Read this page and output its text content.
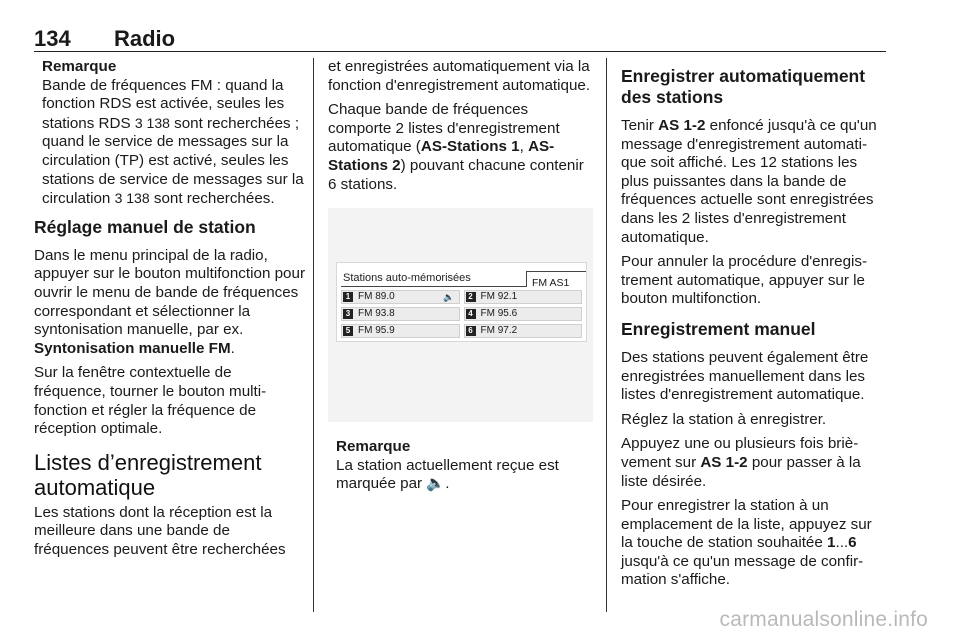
134 Radio
Remarque
Bande de fréquences FM : quand la fonction RDS est activée, seules les stations RDS 3 138 sont recherchées ; quand le service de messages sur la circulation (TP) est activé, seules les stations de service de messages sur la circulation 3 138 sont recherchées.
Réglage manuel de station
Dans le menu principal de la radio, appuyer sur le bouton multifonction pour ouvrir le menu de bande de fréquences correspondant et sélectionner la syntonisation manuelle, par ex. Syntonisation manuelle FM.
Sur la fenêtre contextuelle de fréquence, tourner le bouton multifonction et régler la fréquence de réception optimale.
Listes d’enregistrement automatique
Les stations dont la réception est la meilleure dans une bande de fréquences peuvent être recherchées
et enregistrées automatiquement via la fonction d'enregistrement automatique.
Chaque bande de fréquences comporte 2 listes d'enregistrement automatique (AS-Stations 1, AS-Stations 2) pouvant chacune contenir 6 stations.
Stations auto-mémorisées	FM AS1
1 FM 89.0	🔈	2 FM 92.1
3 FM 93.8	4 FM 95.6
5 FM 95.9	6 FM 97.2
Remarque
La station actuellement reçue est marquée par 🔈.
Enregistrer automatiquement des stations
Tenir AS 1-2 enfoncé jusqu'à ce qu'un message d'enregistrement automatique soit affiché. Les 12 stations les plus puissantes dans la bande de fréquences actuelle sont enregistrées dans les 2 listes d'enregistrement automatique.
Pour annuler la procédure d'enregistrement automatique, appuyer sur le bouton multifonction.
Enregistrement manuel
Des stations peuvent également être enregistrées manuellement dans les listes d'enregistrement automatique.
Réglez la station à enregistrer.
Appuyez une ou plusieurs fois brièvement sur AS 1-2 pour passer à la liste désirée.
Pour enregistrer la station à un emplacement de la liste, appuyez sur la touche de station souhaitée 1...6 jusqu'à ce qu'un message de confirmation s'affiche.
carmanualsonline.info
